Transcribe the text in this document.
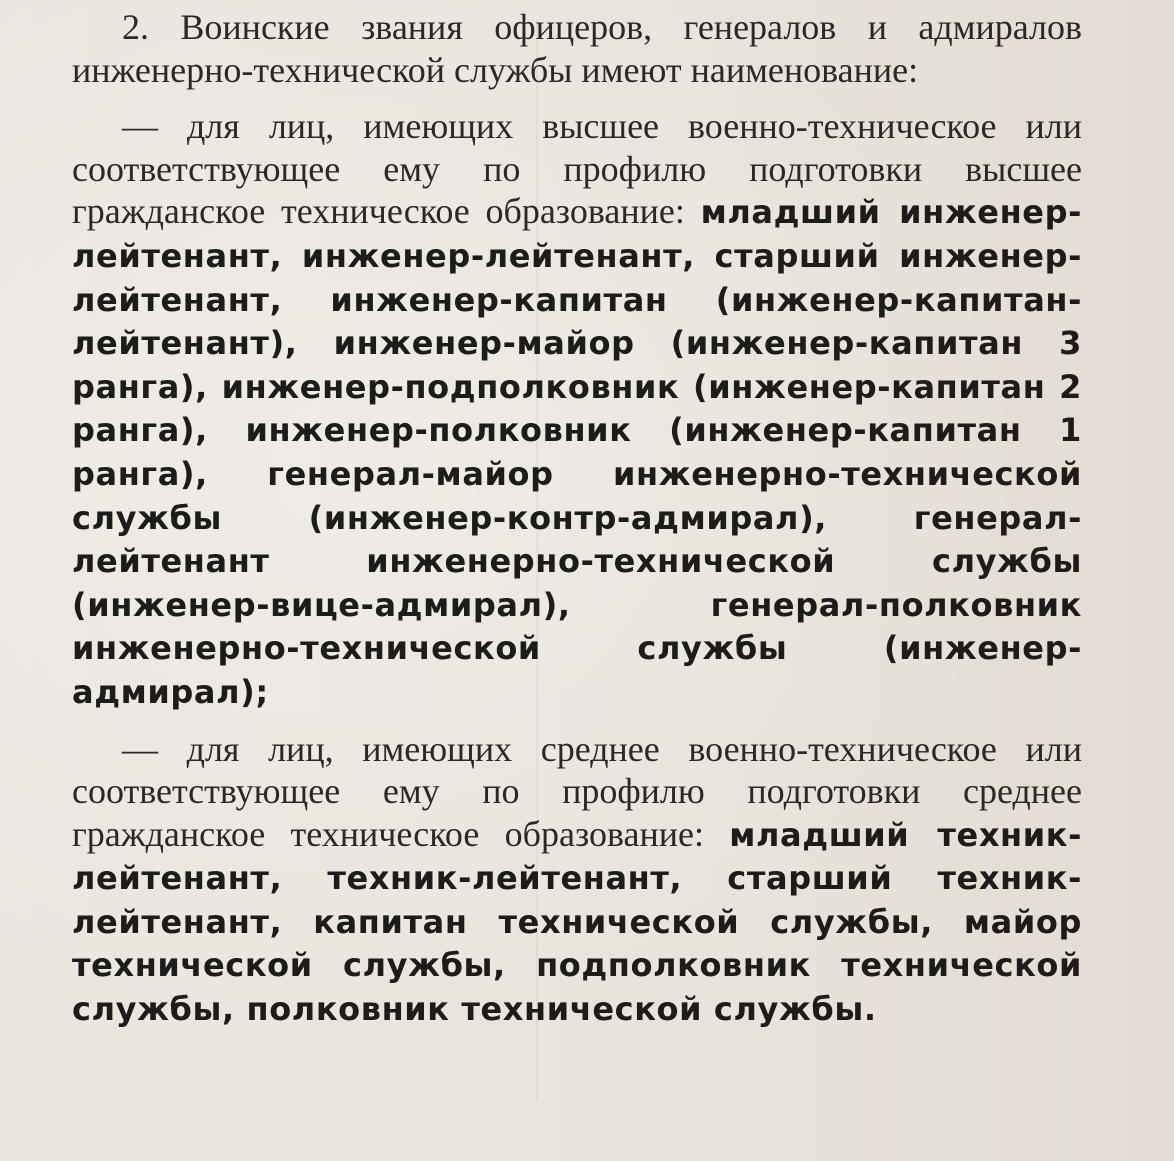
2. Воинские звания офицеров, генералов и адмиралов инженерно-технической службы имеют наименование:

— для лиц, имеющих высшее военно-техническое или соответствующее ему по профилю подготовки высшее гражданское техническое образование: младший инженер-лейтенант, инженер-лейтенант, старший инженер-лейтенант, инженер-капитан (инженер-капитан-лейтенант), инженер-майор (инженер-капитан 3 ранга), инженер-подполковник (инженер-капитан 2 ранга), инженер-полковник (инженер-капитан 1 ранга), генерал-майор инженерно-технической службы (инженер-контр-адмирал), генерал-лейтенант инженерно-технической службы (инженер-вице-адмирал), генерал-полковник инженерно-технической службы (инженер-адмирал);

— для лиц, имеющих среднее военно-техническое или соответствующее ему по профилю подготовки среднее гражданское техническое образование: младший техник-лейтенант, техник-лейтенант, старший техник-лейтенант, капитан технической службы, майор технической службы, подполковник технической службы, полковник технической службы.
